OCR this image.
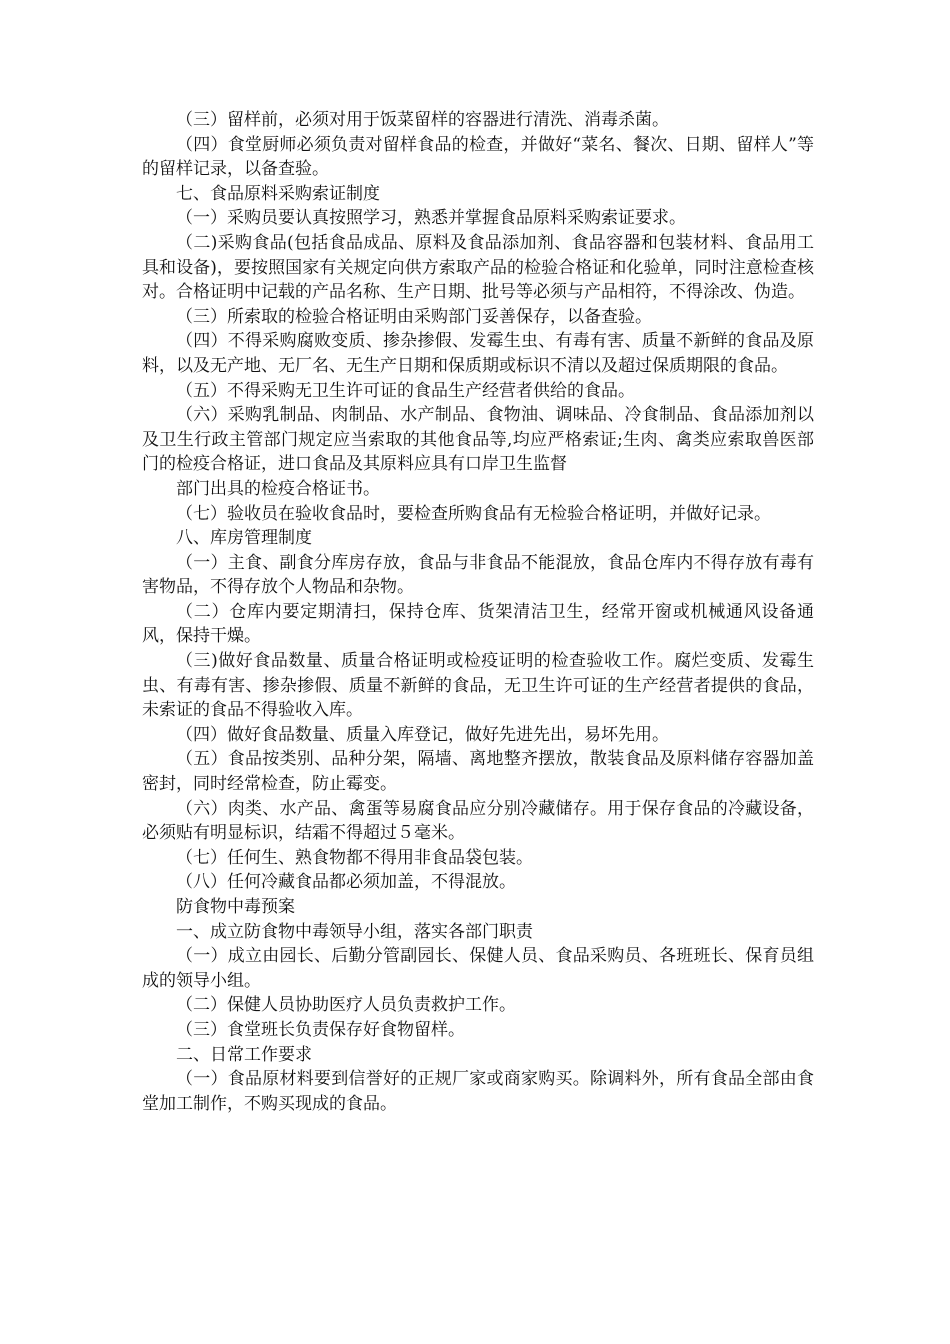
（三）留样前，必须对用于饭菜留样的容器进行清洗、消毒杀菌。

（四）食堂厨师必须负责对留样食品的检查，并做好“菜名、餐次、日期、留样人”等的留样记录，以备查验。

七、食品原料采购索证制度

（一）采购员要认真按照学习，熟悉并掌握食品原料采购索证要求。

（二)采购食品(包括食品成品、原料及食品添加剂、食品容器和包装材料、食品用工具和设备)，要按照国家有关规定向供方索取产品的检验合格证和化验单，同时注意检查核对。合格证明中记载的产品名称、生产日期、批号等必须与产品相符，不得涂改、伪造。

（三）所索取的检验合格证明由采购部门妥善保存，以备查验。

（四）不得采购腐败变质、掺杂掺假、发霉生虫、有毒有害、质量不新鲜的食品及原料，以及无产地、无厂名、无生产日期和保质期或标识不清以及超过保质期限的食品。

（五）不得采购无卫生许可证的食品生产经营者供给的食品。

（六）采购乳制品、肉制品、水产制品、食物油、调味品、冷食制品、食品添加剂以及卫生行政主管部门规定应当索取的其他食品等,均应严格索证;生肉、禽类应索取兽医部门的检疫合格证，进口食品及其原料应具有口岸卫生监督

部门出具的检疫合格证书。

（七）验收员在验收食品时，要检查所购食品有无检验合格证明，并做好记录。

八、库房管理制度

（一）主食、副食分库房存放，食品与非食品不能混放，食品仓库内不得存放有毒有害物品，不得存放个人物品和杂物。

（二）仓库内要定期清扫，保持仓库、货架清洁卫生，经常开窗或机械通风设备通风，保持干燥。

（三)做好食品数量、质量合格证明或检疫证明的检查验收工作。腐烂变质、发霉生虫、有毒有害、掺杂掺假、质量不新鲜的食品，无卫生许可证的生产经营者提供的食品，未索证的食品不得验收入库。

（四）做好食品数量、质量入库登记，做好先进先出，易坏先用。

（五）食品按类别、品种分架，隔墙、离地整齐摆放，散装食品及原料储存容器加盖密封，同时经常检查，防止霉变。

（六）肉类、水产品、禽蛋等易腐食品应分别冷藏储存。用于保存食品的冷藏设备，必须贴有明显标识，结霜不得超过５毫米。

（七）任何生、熟食物都不得用非食品袋包装。

（八）任何冷藏食品都必须加盖，不得混放。

防食物中毒预案

一、成立防食物中毒领导小组，落实各部门职责

（一）成立由园长、后勤分管副园长、保健人员、食品采购员、各班班长、保育员组成的领导小组。

（二）保健人员协助医疗人员负责救护工作。

（三）食堂班长负责保存好食物留样。

二、日常工作要求

（一）食品原材料要到信誉好的正规厂家或商家购买。除调料外，所有食品全部由食堂加工制作，不购买现成的食品。
